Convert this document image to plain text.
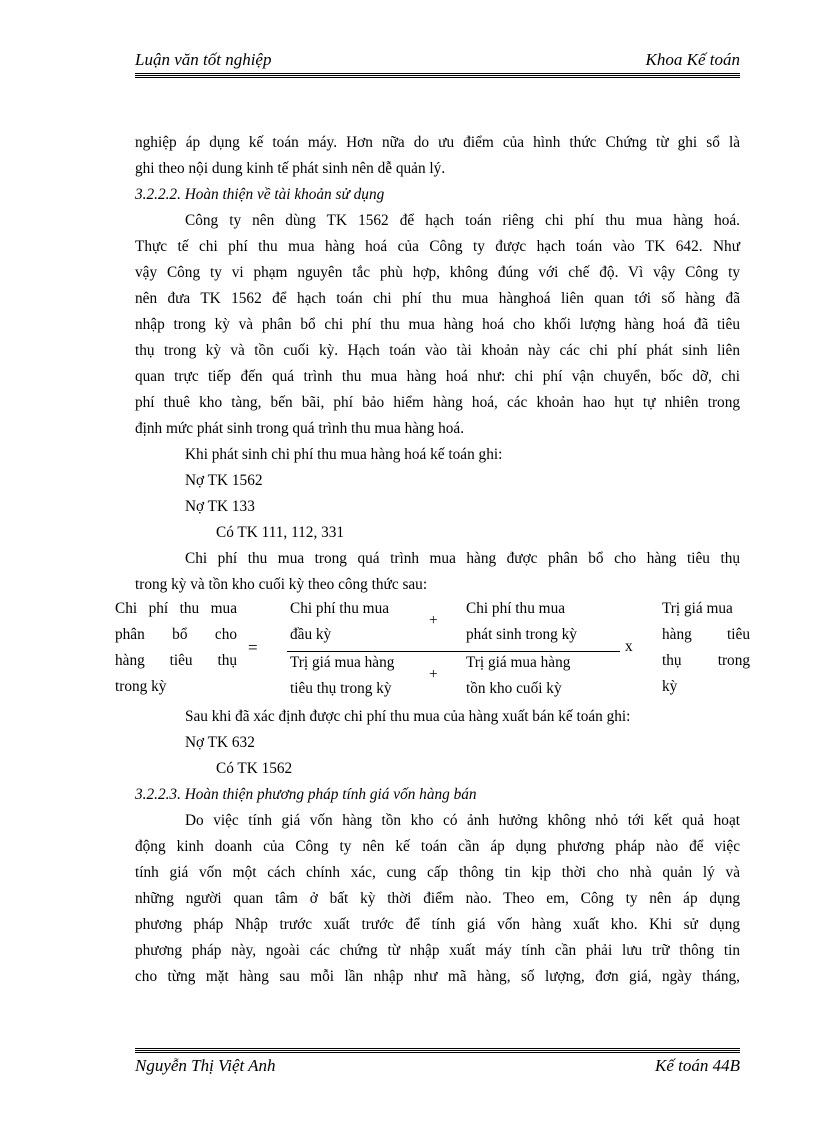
Luận văn tốt nghiệp	Khoa Kế toán
nghiệp áp dụng kế toán máy. Hơn nữa do ưu điểm của hình thức Chứng từ ghi sổ là
ghi theo nội dung kinh tế phát sinh nên dễ quản lý.
3.2.2.2. Hoàn thiện về tài khoản sử dụng
Công ty nên dùng TK 1562 để hạch toán riêng chi phí thu mua hàng hoá.
Thực tế chi phí thu mua hàng hoá của Công ty được hạch toán vào TK 642. Như
vậy Công ty vi phạm nguyên tắc phù hợp, không đúng với chế độ. Vì vậy Công ty
nên đưa TK 1562 để hạch toán chi phí thu mua hànghoá liên quan tới số hàng đã
nhập trong kỳ và phân bổ chi phí thu mua hàng hoá cho khối lượng hàng hoá đã tiêu
thụ trong kỳ và tồn cuối kỳ. Hạch toán vào tài khoản này các chi phí phát sinh liên
quan trực tiếp đến quá trình thu mua hàng hoá như: chi phí vận chuyển, bốc dỡ, chi
phí thuê kho tàng, bến bãi, phí bảo hiểm hàng hoá, các khoản hao hụt tự nhiên trong
định mức phát sinh trong quá trình thu mua hàng hoá.
Khi phát sinh chi phí thu mua hàng hoá kế toán ghi:
Nợ TK 1562
Nợ TK 133
Có TK 111, 112, 331
Chi phí thu mua trong quá trình mua hàng được phân bổ cho hàng tiêu thụ
trong kỳ và tồn kho cuối kỳ theo công thức sau:
Chi phí thu mua
phân bổ cho
hàng tiêu thụ
trong kỳ
=
Chi phí thu mua
đầu kỳ
+
Chi phí thu mua
phát sinh trong kỳ
Trị giá mua hàng
tiêu thụ trong kỳ
+
Trị giá mua hàng
tồn kho cuối kỳ
x
Trị giá mua
hàng tiêu
thụ trong
kỳ
Sau khi đã xác định được chi phí thu mua của hàng xuất bán kế toán ghi:
Nợ TK 632
Có TK 1562
3.2.2.3. Hoàn thiện phương pháp tính giá vốn hàng bán
Do việc tính giá vốn hàng tồn kho có ảnh hưởng không nhỏ tới kết quả hoạt
động kinh doanh của Công ty nên kế toán cần áp dụng phương pháp nào để việc
tính giá vốn một cách chính xác, cung cấp thông tin kịp thời cho nhà quản lý và
những người quan tâm ở bất kỳ thời điểm nào. Theo em, Công ty nên áp dụng
phương pháp Nhập trước xuất trước để tính giá vốn hàng xuất kho. Khi sử dụng
phương pháp này, ngoài các chứng từ nhập xuất máy tính cần phải lưu trữ thông tin
cho từng mặt hàng sau mỗi lần nhập như mã hàng, số lượng, đơn giá, ngày tháng,
Nguyễn Thị Việt Anh	Kế toán 44B
